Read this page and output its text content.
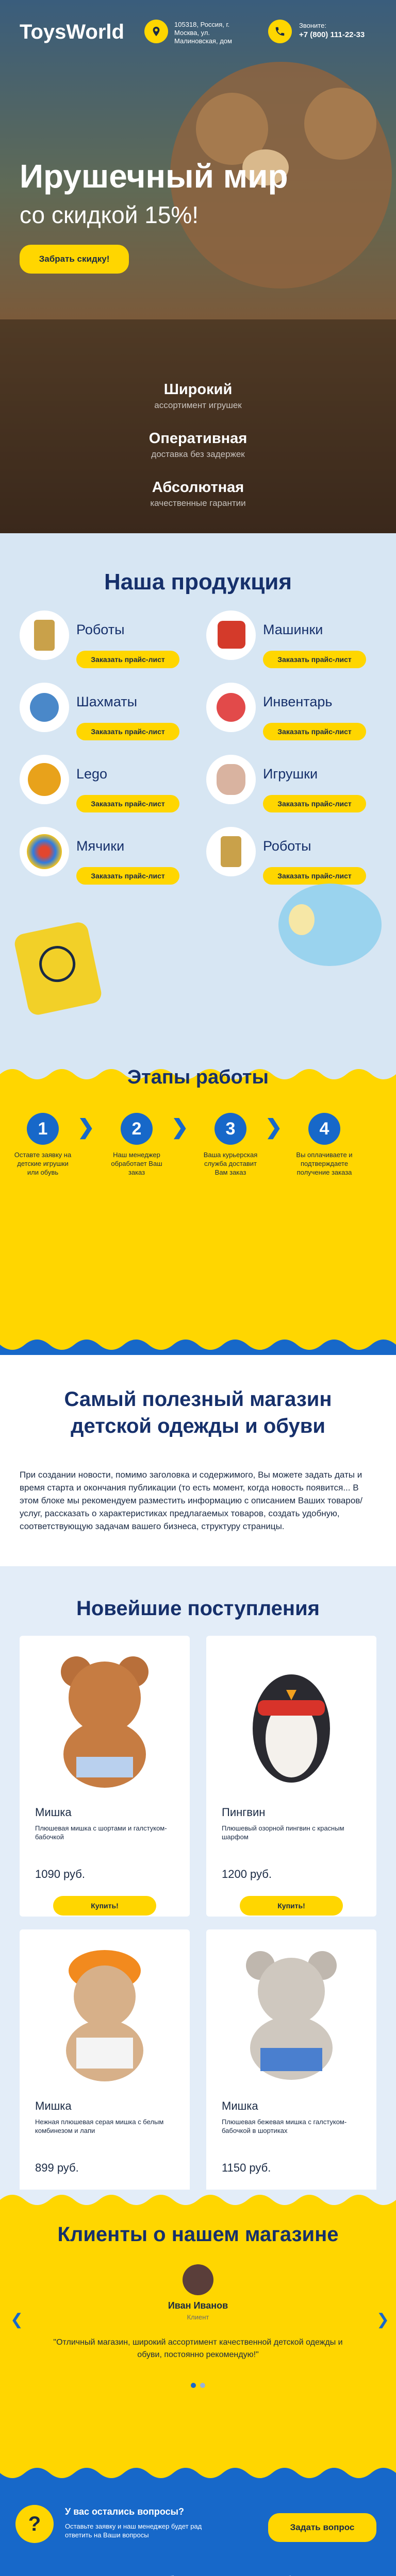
ToysWorld	105318, Россия, г. Москва, ул. Малиновская, дом
Звоните:
+7 (800) 111-22-33
Ирушечный мир
со скидкой 15%!
Забрать скидку!
Широкий
ассортимент игрушек
Оперативная
доставка без задержек
Абсолютная
качественные гарантии
Наша продукция
Роботы
Заказать прайс-лист
Машинки
Заказать прайс-лист
Шахматы
Заказать прайс-лист
Инвентарь
Заказать прайс-лист
Lego
Заказать прайс-лист
Игрушки
Заказать прайс-лист
Мячики
Заказать прайс-лист
Роботы
Заказать прайс-лист
Этапы работы
1
Оставте заявку на детские игрушки или обувь
❯	2
Наш менеджер обработает Ваш заказ
❯	3
Ваша курьерская служба доставит Вам заказ
❯	4
Вы оплачиваете и подтверждаете получение заказа
Самый полезный магазин детской одежды и обуви

При создании новости, помимо заголовка и содержимого, Вы можете задать даты и время старта и окончания публикации (то есть момент, когда новость появится... В этом блоке мы рекомендуем разместить информацию с описанием Ваших товаров/услуг, рассказать о характеристиках предлагаемых товаров, создать удобную, соответствующую задачам вашего бизнеса, структуру страницы.

Новейшие поступления
Мишка
Плюшевая мишка с шортами и галстуком-бабочкой
1090 руб.
Купить!
Пингвин
Плюшевый озорной пингвин с красным шарфом
1200 руб.
Купить!
Мишка
Нежная плюшевая серая мишка с белым комбинезом и лапи
899 руб.
Мишка
Плюшевая бежевая мишка с галстуком-бабочкой в шортиках
1150 руб.
Клиенты о нашем магазине
Иван Иванов
Клиент
❮	❯

"Отличный магазин, широкий ассортимент качественной детской одежды и обуви, постоянно рекомендую!"

?
У вас остались вопросы?
Оставьте заявку и наш менеджер будет рад ответить на Ваши вопросы
Задать вопрос
